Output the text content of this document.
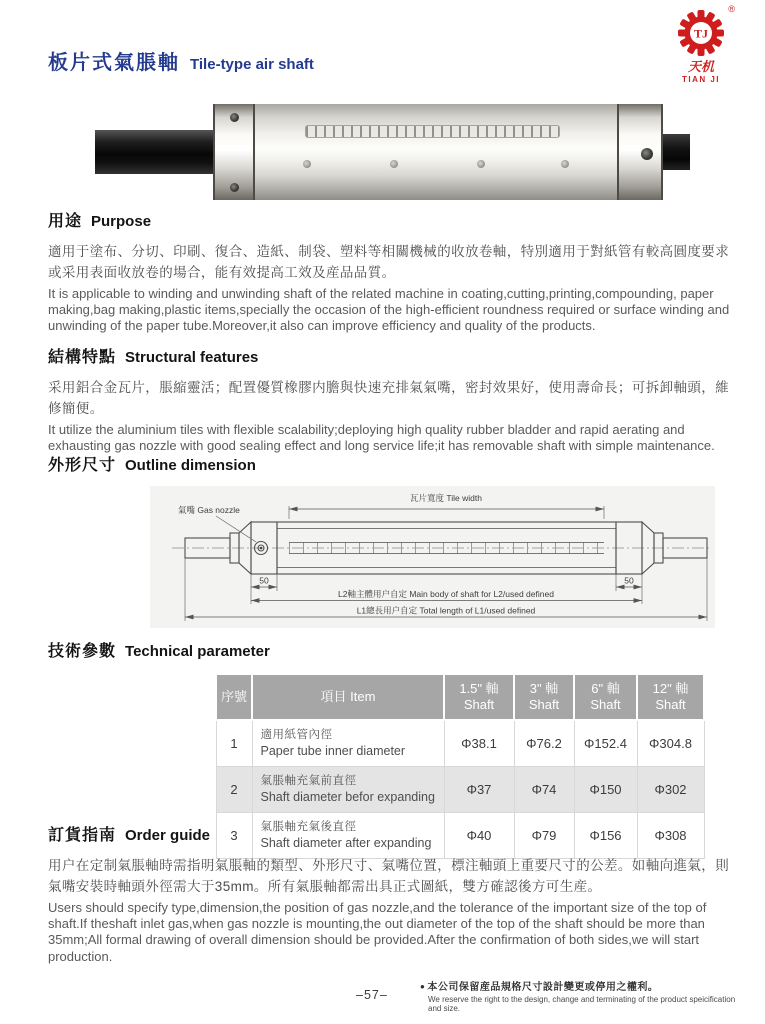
板片式氣脹軸 Tile-type air shaft
TJ
®
天机
TIAN JI
用途 Purpose

適用于塗布、分切、印刷、復合、造紙、制袋、塑料等相關機械的收放卷軸，特別適用于對紙管有較高圓度要求或采用表面收放卷的場合，能有效提高工效及産品品質。

It is applicable to winding and unwinding shaft of the related machine in coating,cutting,printing,compounding, paper making,bag making,plastic items,specially the occasion of the high-efficient roundness required or surface winding and unwinding of the paper tube.Moreover,it also can improve efficiency and quality of the products.

結構特點 Structural features

采用鋁合金瓦片，脹縮靈活；配置優質橡膠内膽與快速充排氣氣嘴，密封效果好，使用壽命長；可拆卸軸頭，維修簡便。

It utilize the aluminium tiles with flexible scalability;deploying high quality rubber bladder and rapid aerating and exhausting gas nozzle with good sealing effect and long service life;it has removable shaft with simple maintenance.

外形尺寸 Outline dimension
瓦片寬度 Tile width
氣嘴 Gas nozzle
50	50
L2軸主體用户自定 Main body of shaft for L2/used defined
L1總長用户自定 Total length of L1/used defined
技術參數 Technical parameter
序號	項目 Item	1.5" 軸 Shaft	3" 軸 Shaft	6" 軸 Shaft	12" 軸 Shaft
1	適用紙管內徑
Paper tube inner diameter	Φ38.1	Φ76.2	Φ152.4	Φ304.8
2	氣脹軸充氣前直徑
Shaft diameter befor expanding	Φ37	Φ74	Φ150	Φ302
3	氣脹軸充氣後直徑
Shaft diameter after expanding	Φ40	Φ79	Φ156	Φ308
訂貨指南 Order guide

用户在定制氣脹軸時需指明氣脹軸的類型、外形尺寸、氣嘴位置，標注軸頭上重要尺寸的公差。如軸向進氣，則氣嘴安裝時軸頭外徑需大于35mm。所有氣脹軸都需出具正式圖紙，雙方確認後方可生産。

Users should specify type,dimension,the position of gas nozzle,and the tolerance of the important size of the top of shaft.If theshaft inlet gas,when gas nozzle is mounting,the out diameter of the top of the shaft should be more than 35mm;All formal drawing of overall dimension should be provided.After the confirmation of both sides,we will start production.

–57–
● 本公司保留産品規格尺寸設計變更或停用之權利。
We reserve the right to the design, change and terminating of the product speicification and size.
